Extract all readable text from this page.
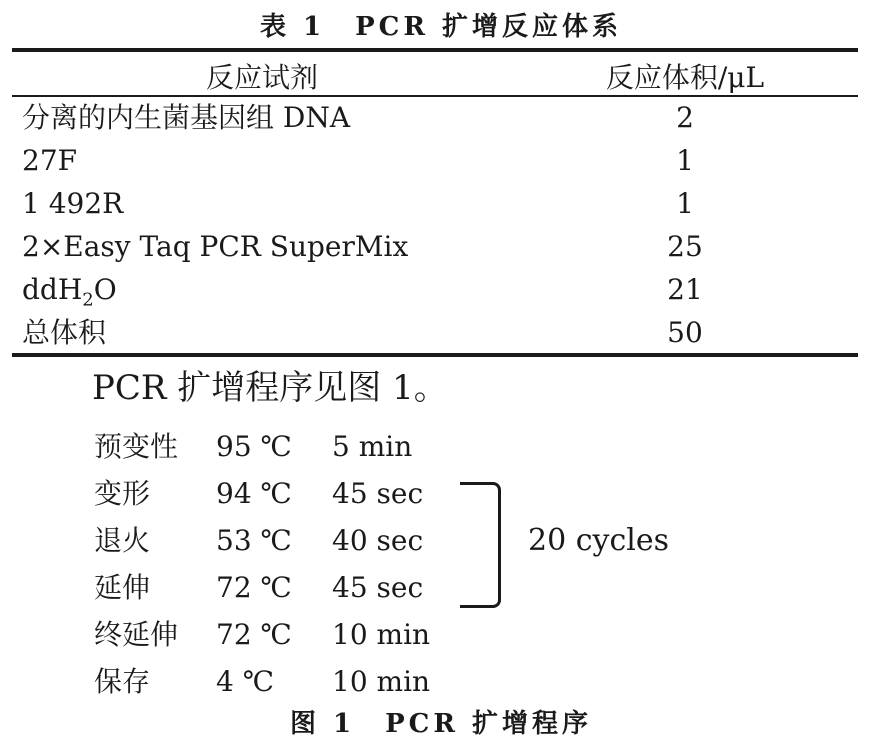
表 1　PCR 扩增反应体系
反应试剂	反应体积/μL
分离的内生菌基因组 DNA	2
27F	1
1 492R	1
2×Easy Taq PCR SuperMix	25
ddH$_2$O	21
总体积	50
PCR 扩增程序见图 1。
预变性 95 ℃ 5 min
变形 94 ℃ 45 sec
退火 53 ℃ 40 sec
延伸 72 ℃ 45 sec
终延伸 72 ℃ 10 min
保存 4 ℃ 10 min
20 cycles
图 1　PCR 扩增程序
